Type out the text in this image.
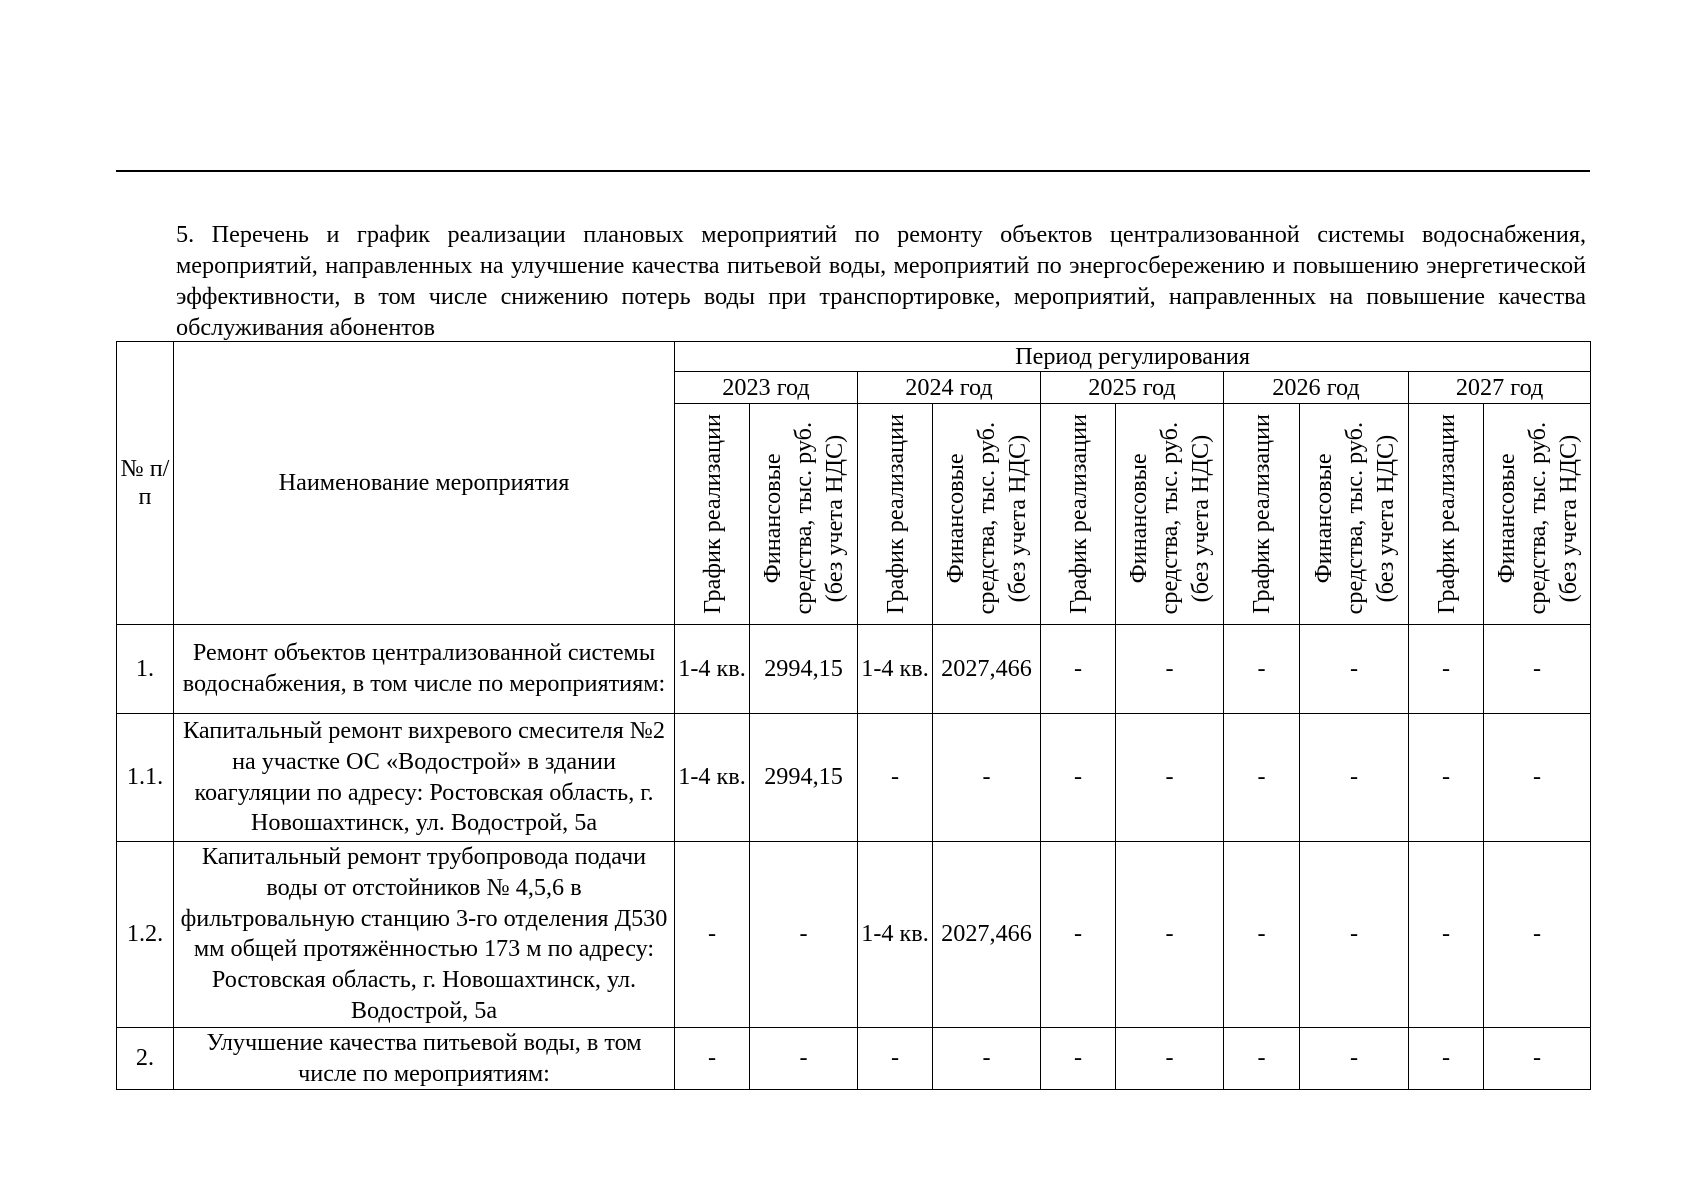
5. Перечень и график реализации плановых мероприятий по ремонту объектов централизованной системы водоснабжения, мероприятий, направленных на улучшение качества питьевой воды, мероприятий по энергосбережению и повышению энергетической эффективности, в том числе снижению потерь воды при транспортировке, мероприятий, направленных на повышение качества обслуживания абонентов

№ п/п	Наименование мероприятия	Период регулирования									
		2023 год		2024 год		2025 год		2026 год		2027 год	

		График реализации	Финансовые средства, тыс. руб. (без учета НДС)	График реализации	Финансовые средства, тыс. руб. (без учета НДС)	График реализации	Финансовые средства, тыс. руб. (без учета НДС)	График реализации	Финансовые средства, тыс. руб. (без учета НДС)	График реализации	Финансовые средства, тыс. руб. (без учета НДС)

1.	Ремонт объектов централизованной системы водоснабжения, в том числе по мероприятиям:	1-4 кв.	2994,15	1-4 кв.	2027,466	-	-	-	-	-	-
1.1.	Капитальный ремонт вихревого смесителя №2 на участке ОС «Водострой» в здании коагуляции по адресу: Ростовская область, г. Новошахтинск, ул. Водострой, 5а	1-4 кв.	2994,15	-	-	-	-	-	-	-	-
1.2.	Капитальный ремонт трубопровода подачи воды от отстойников № 4,5,6 в фильтровальную станцию 3-го отделения Д530 мм общей протяжённостью 173 м по адресу: Ростовская область, г. Новошахтинск, ул. Водострой, 5а	-	-	1-4 кв.	2027,466	-	-	-	-	-	-
2.	Улучшение качества питьевой воды, в том числе по мероприятиям:	-	-	-	-	-	-	-	-	-	-
